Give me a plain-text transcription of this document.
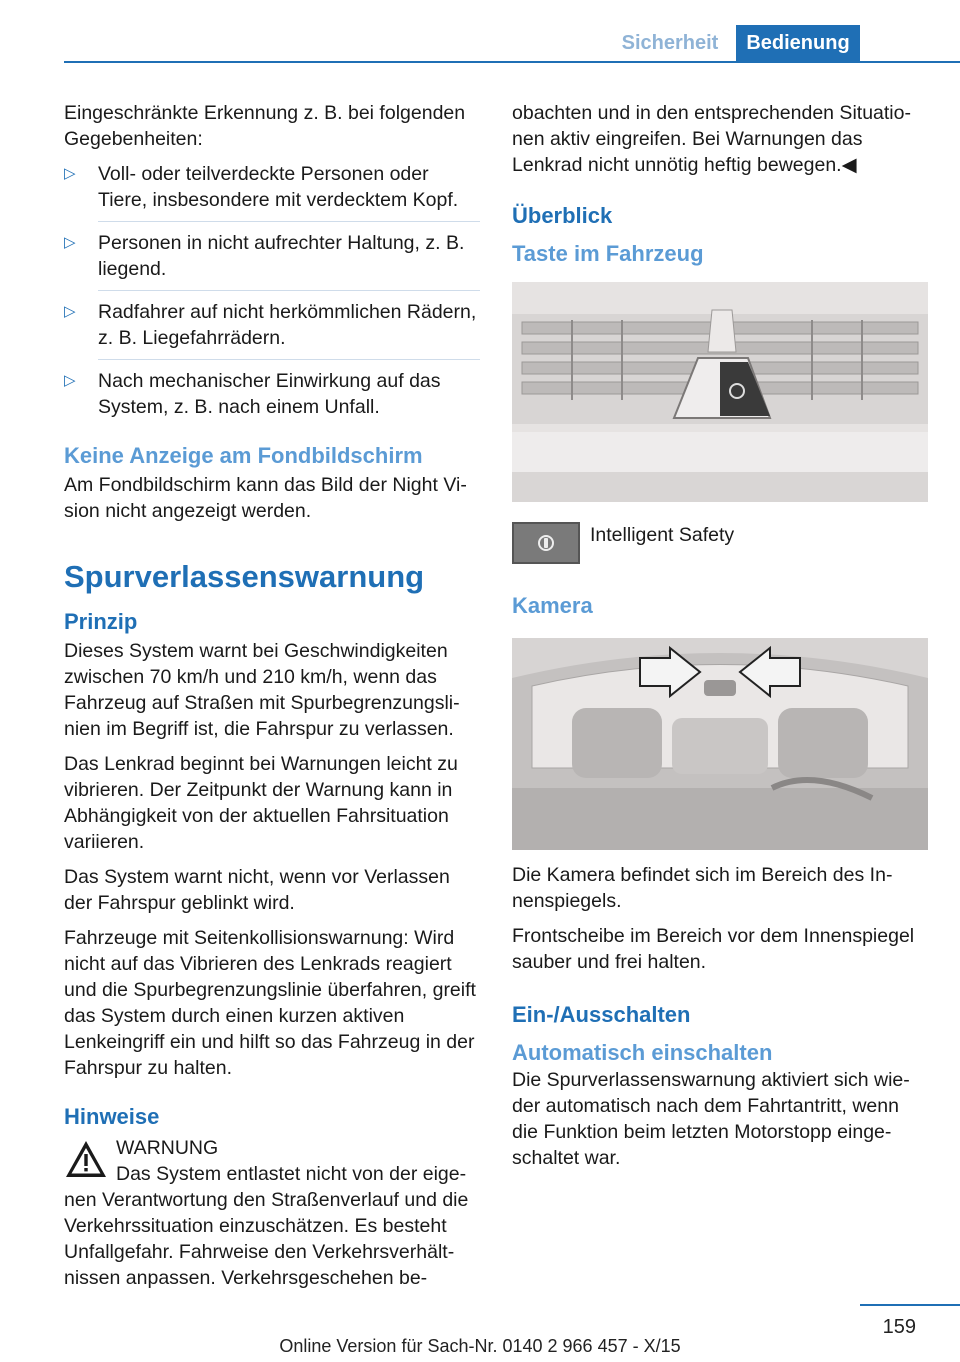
Sicherheit	Bedienung

Eingeschränkte Erkennung z. B. bei folgenden Gegebenheiten:

▷	Voll- oder teilverdeckte Personen oder Tiere, insbesondere mit verdecktem Kopf.
▷	Personen in nicht aufrechter Haltung, z. B. liegend.
▷	Radfahrer auf nicht herkömmlichen Rädern, z. B. Liegefahrrädern.
▷	Nach mechanischer Einwirkung auf das System, z. B. nach einem Unfall.
Keine Anzeige am Fondbildschirm

Am Fondbildschirm kann das Bild der Night Vision nicht angezeigt werden.

Spurverlassenswarnung
Prinzip

Dieses System warnt bei Geschwindigkeiten zwischen 70 km/h und 210 km/h, wenn das Fahrzeug auf Straßen mit Spurbegrenzungslinien im Begriff ist, die Fahrspur zu verlassen.

Das Lenkrad beginnt bei Warnungen leicht zu vibrieren. Der Zeitpunkt der Warnung kann in Abhängigkeit von der aktuellen Fahrsituation variieren.

Das System warnt nicht, wenn vor Verlassen der Fahrspur geblinkt wird.

Fahrzeuge mit Seitenkollisionswarnung: Wird nicht auf das Vibrieren des Lenkrads reagiert und die Spurbegrenzungslinie überfahren, greift das System durch einen kurzen aktiven Lenkeingriff ein und hilft so das Fahrzeug in der Fahrspur zu halten.

Hinweise
WARNUNG

Das System entlastet nicht von der eigenen Verantwortung den Straßenverlauf und die Verkehrssituation einzuschätzen. Es besteht Unfallgefahr. Fahrweise den Verkehrsverhältnissen anpassen. Verkehrsgeschehen be-

obachten und in den entsprechenden Situationen aktiv eingreifen. Bei Warnungen das Lenkrad nicht unnötig heftig bewegen.◀

Überblick
Taste im Fahrzeug
Intelligent Safety
Kamera

Die Kamera befindet sich im Bereich des Innenspiegels.

Frontscheibe im Bereich vor dem Innenspiegel sauber und frei halten.

Ein-/Ausschalten
Automatisch einschalten

Die Spurverlassenswarnung aktiviert sich wieder automatisch nach dem Fahrtantritt, wenn die Funktion beim letzten Motorstopp eingeschaltet war.

159
Online Version für Sach-Nr. 0140 2 966 457 - X/15
